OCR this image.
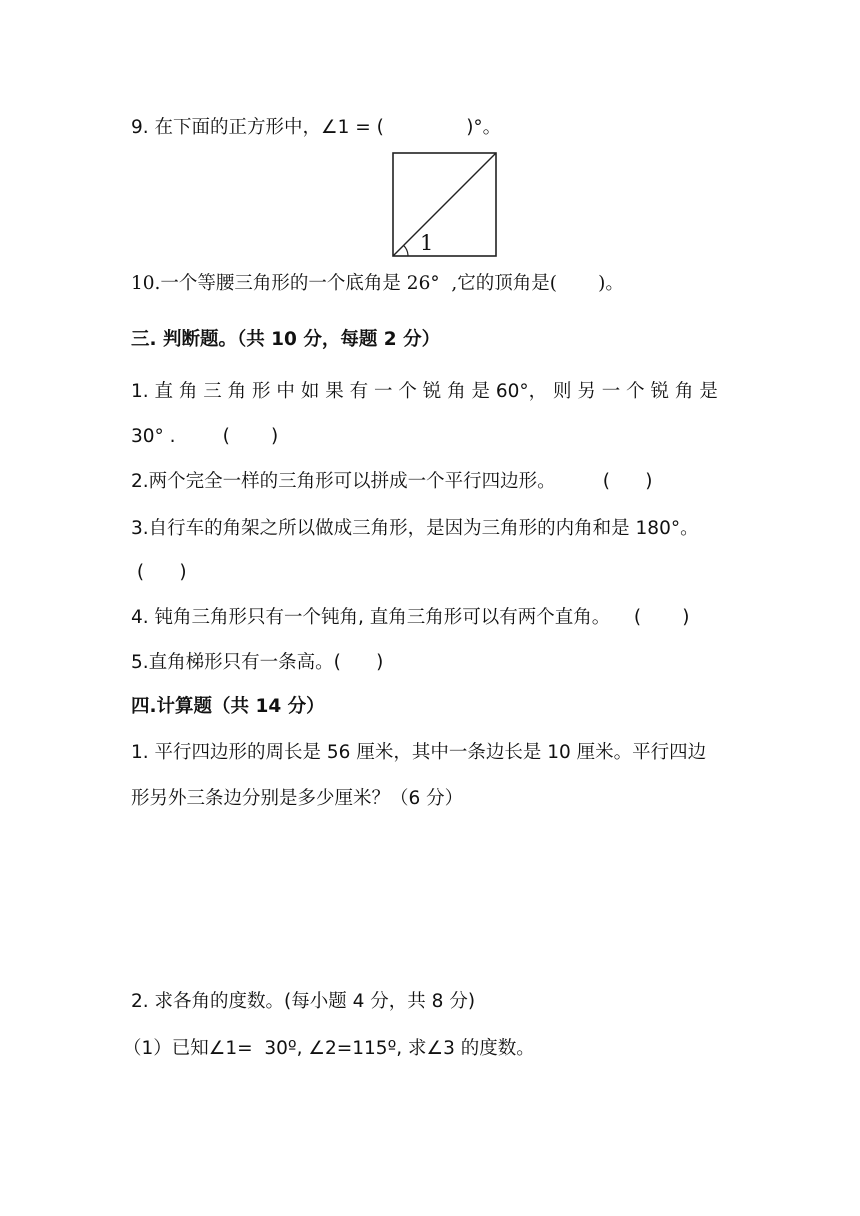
9. 在下面的正方形中，∠1 = (              )°。
1
10.一个等腰三角形的一个底角是 26°  ,它的顶角是(       )。
三. 判断题。（共 10 分，每题 2 分）
1. 直 角 三 角 形 中 如 果 有 一 个 锐 角 是 60°， 则 另 一 个 锐 角 是
30° .        (       )
2.两个完全一样的三角形可以拼成一个平行四边形。        (      )
3.自行车的角架之所以做成三角形，是因为三角形的内角和是 180°。
(      )
4. 钝角三角形只有一个钝角, 直角三角形可以有两个直角。    (       )
5.直角梯形只有一条高。(      )
四.计算题（共 14 分）
1. 平行四边形的周长是 56 厘米，其中一条边长是 10 厘米。平行四边
形另外三条边分别是多少厘米？（6 分）
2. 求各角的度数。(每小题 4 分，共 8 分)
（1）已知∠1=  30º, ∠2=115º, 求∠3 的度数。
